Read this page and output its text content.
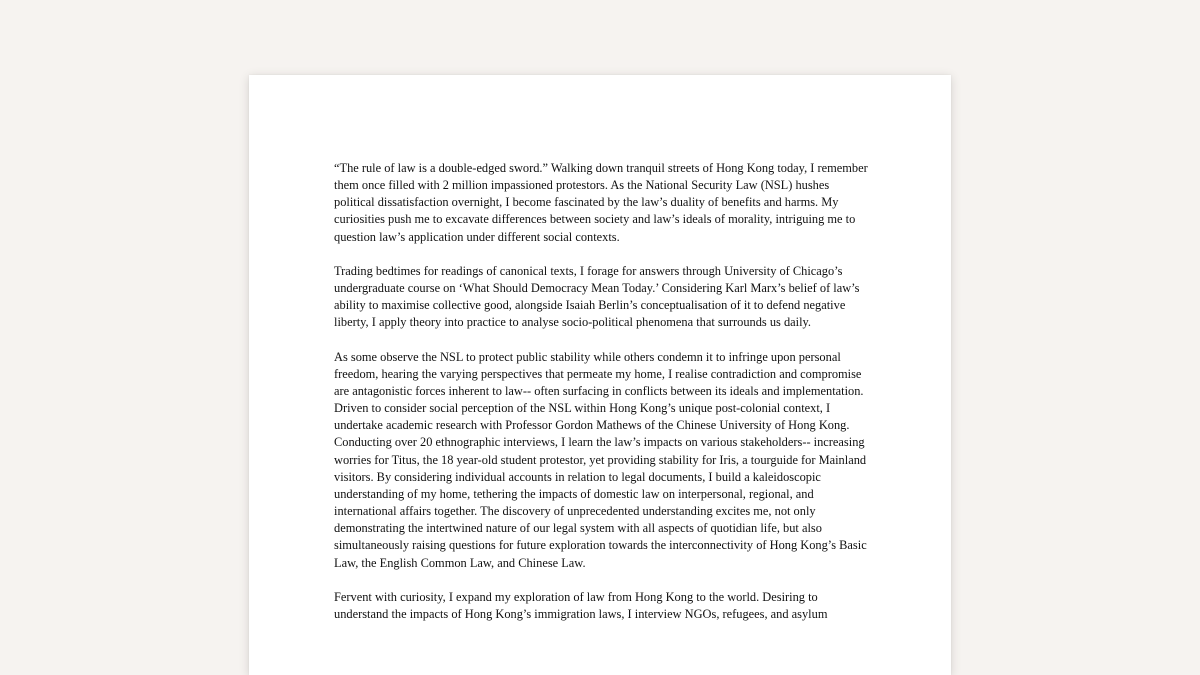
“The rule of law is a double-edged sword.” Walking down tranquil streets of Hong Kong today, I remember them once filled with 2 million impassioned protestors. As the National Security Law (NSL) hushes political dissatisfaction overnight, I become fascinated by the law’s duality of benefits and harms. My curiosities push me to excavate differences between society and law’s ideals of morality, intriguing me to question law’s application under different social contexts.

Trading bedtimes for readings of canonical texts, I forage for answers through University of Chicago’s undergraduate course on ‘What Should Democracy Mean Today.’ Considering Karl Marx’s belief of law’s ability to maximise collective good, alongside Isaiah Berlin’s conceptualisation of it to defend negative liberty, I apply theory into practice to analyse socio-political phenomena that surrounds us daily.

As some observe the NSL to protect public stability while others condemn it to infringe upon personal freedom, hearing the varying perspectives that permeate my home, I realise contradiction and compromise are antagonistic forces inherent to law-- often surfacing in conflicts between its ideals and implementation. Driven to consider social perception of the NSL within Hong Kong’s unique post-colonial context, I undertake academic research with Professor Gordon Mathews of the Chinese University of Hong Kong. Conducting over 20 ethnographic interviews, I learn the law’s impacts on various stakeholders-- increasing worries for Titus, the 18 year-old student protestor, yet providing stability for Iris, a tourguide for Mainland visitors. By considering individual accounts in relation to legal documents, I build a kaleidoscopic understanding of my home, tethering the impacts of domestic law on interpersonal, regional, and international affairs together. The discovery of unprecedented understanding excites me, not only demonstrating the intertwined nature of our legal system with all aspects of quotidian life, but also simultaneously raising questions for future exploration towards the interconnectivity of Hong Kong’s Basic Law, the English Common Law, and Chinese Law.

Fervent with curiosity, I expand my exploration of law from Hong Kong to the world. Desiring to understand the impacts of Hong Kong’s immigration laws, I interview NGOs, refugees, and asylum
